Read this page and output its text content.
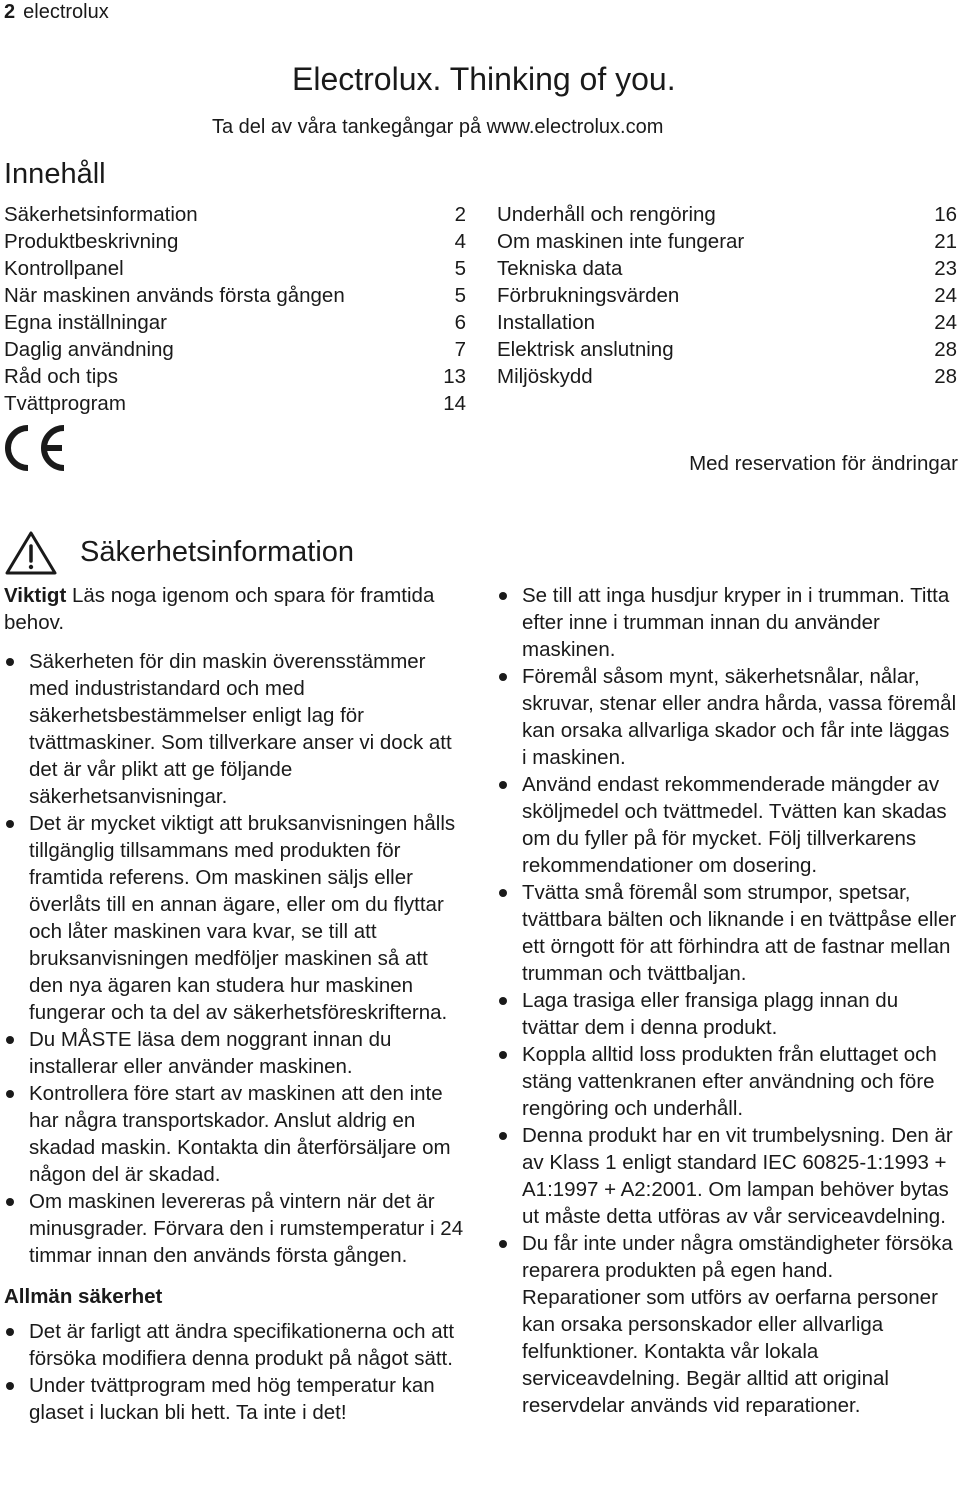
2 electrolux
Electrolux. Thinking of you.
Ta del av våra tankegångar på www.electrolux.com
Innehåll
Säkerhetsinformation	2
Produktbeskrivning	4
Kontrollpanel	5
När maskinen används första gången	5
Egna inställningar	6
Daglig användning	7
Råd och tips	13
Tvättprogram	14
Underhåll och rengöring	16
Om maskinen inte fungerar	21
Tekniska data	23
Förbrukningsvärden	24
Installation	24
Elektrisk anslutning	28
Miljöskydd	28
Med reservation för ändringar
Säkerhetsinformation

Viktigt Läs noga igenom och spara för framtida behov.

Säkerheten för din maskin överensstämmer med industristandard och med säkerhetsbestämmelser enligt lag för tvättmaskiner. Som tillverkare anser vi dock att det är vår plikt att ge följande säkerhetsanvisningar.
Det är mycket viktigt att bruksanvisningen hålls tillgänglig tillsammans med produkten för framtida referens. Om maskinen säljs eller överlåts till en annan ägare, eller om du flyttar och låter maskinen vara kvar, se till att bruksanvisningen medföljer maskinen så att den nya ägaren kan studera hur maskinen fungerar och ta del av säkerhetsföreskrifterna.
Du MÅSTE läsa dem noggrant innan du installerar eller använder maskinen.
Kontrollera före start av maskinen att den inte har några transportskador. Anslut aldrig en skadad maskin. Kontakta din återförsäljare om någon del är skadad.
Om maskinen levereras på vintern när det är minusgrader. Förvara den i rumstemperatur i 24 timmar innan den används första gången.

Allmän säkerhet

Det är farligt att ändra specifikationerna och att försöka modifiera denna produkt på något sätt.
Under tvättprogram med hög temperatur kan glaset i luckan bli hett. Ta inte i det!
Se till att inga husdjur kryper in i trumman. Titta efter inne i trumman innan du använder maskinen.
Föremål såsom mynt, säkerhetsnålar, nålar, skruvar, stenar eller andra hårda, vassa föremål kan orsaka allvarliga skador och får inte läggas i maskinen.
Använd endast rekommenderade mängder av sköljmedel och tvättmedel. Tvätten kan skadas om du fyller på för mycket. Följ tillverkarens rekommendationer om dosering.
Tvätta små föremål som strumpor, spetsar, tvättbara bälten och liknande i en tvättpåse eller ett örngott för att förhindra att de fastnar mellan trumman och tvättbaljan.
Laga trasiga eller fransiga plagg innan du tvättar dem i denna produkt.
Koppla alltid loss produkten från eluttaget och stäng vattenkranen efter användning och före rengöring och underhåll.
Denna produkt har en vit trumbelysning. Den är av Klass 1 enligt standard IEC 60825-1:1993 + A1:1997 + A2:2001. Om lampan behöver bytas ut måste detta utföras av vår serviceavdelning.
Du får inte under några omständigheter försöka reparera produkten på egen hand. Reparationer som utförs av oerfarna personer kan orsaka personskador eller allvarliga felfunktioner. Kontakta vår lokala serviceavdelning. Begär alltid att original reservdelar används vid reparationer.
